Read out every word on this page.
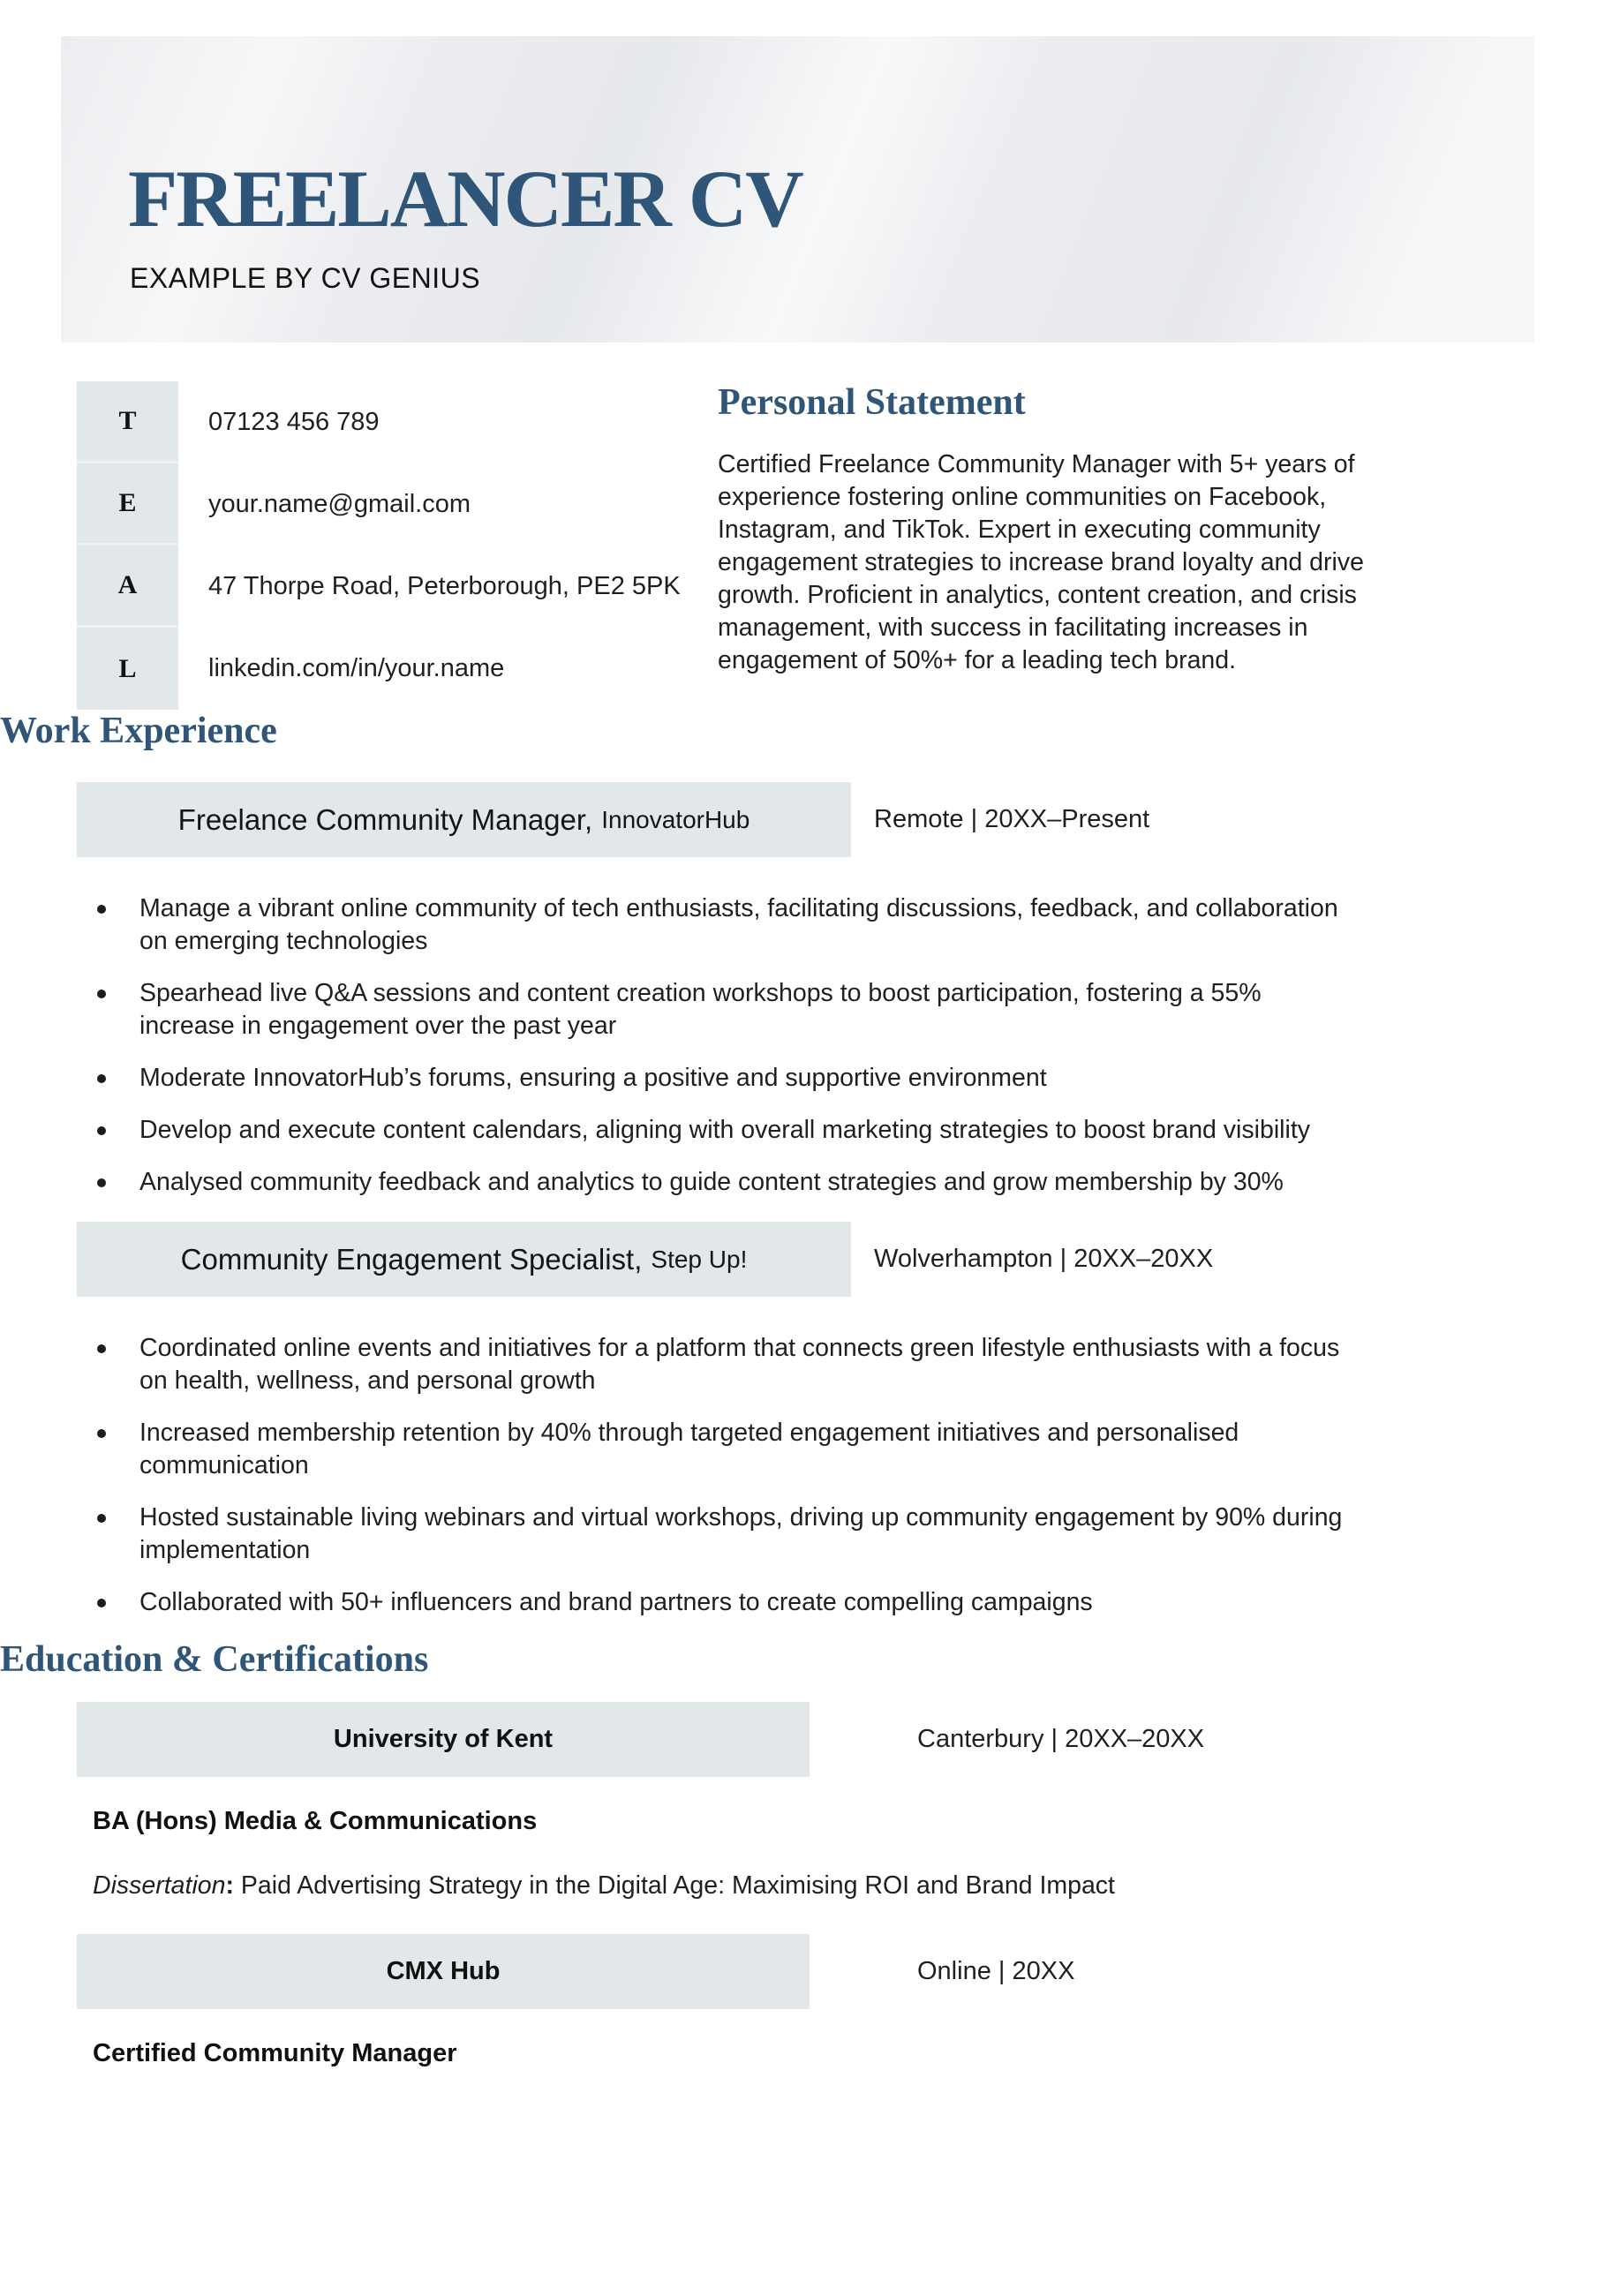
FREELANCER CV
EXAMPLE BY CV GENIUS
T	07123 456 789
E	your.name@gmail.com
A	47 Thorpe Road, Peterborough, PE2 5PK
L	linkedin.com/in/your.name
Personal Statement

Certified Freelance Community Manager with 5+ years of experience fostering online communities on Facebook, Instagram, and TikTok. Expert in executing community engagement strategies to increase brand loyalty and drive growth. Proficient in analytics, content creation, and crisis management, with success in facilitating increases in engagement of 50%+ for a leading tech brand.

Work Experience
Freelance Community Manager, InnovatorHub	Remote | 20XX–Present
Manage a vibrant online community of tech enthusiasts, facilitating discussions, feedback, and collaboration on emerging technologies
Spearhead live Q&A sessions and content creation workshops to boost participation, fostering a 55% increase in engagement over the past year
Moderate InnovatorHub’s forums, ensuring a positive and supportive environment
Develop and execute content calendars, aligning with overall marketing strategies to boost brand visibility
Analysed community feedback and analytics to guide content strategies and grow membership by 30%
Community Engagement Specialist, Step Up!	Wolverhampton | 20XX–20XX
Coordinated online events and initiatives for a platform that connects green lifestyle enthusiasts with a focus on health, wellness, and personal growth
Increased membership retention by 40% through targeted engagement initiatives and personalised communication
Hosted sustainable living webinars and virtual workshops, driving up community engagement by 90% during implementation
Collaborated with 50+ influencers and brand partners to create compelling campaigns
Education & Certifications
University of Kent	Canterbury | 20XX–20XX
BA (Hons) Media & Communications
Dissertation: Paid Advertising Strategy in the Digital Age: Maximising ROI and Brand Impact
CMX Hub	Online | 20XX
Certified Community Manager
